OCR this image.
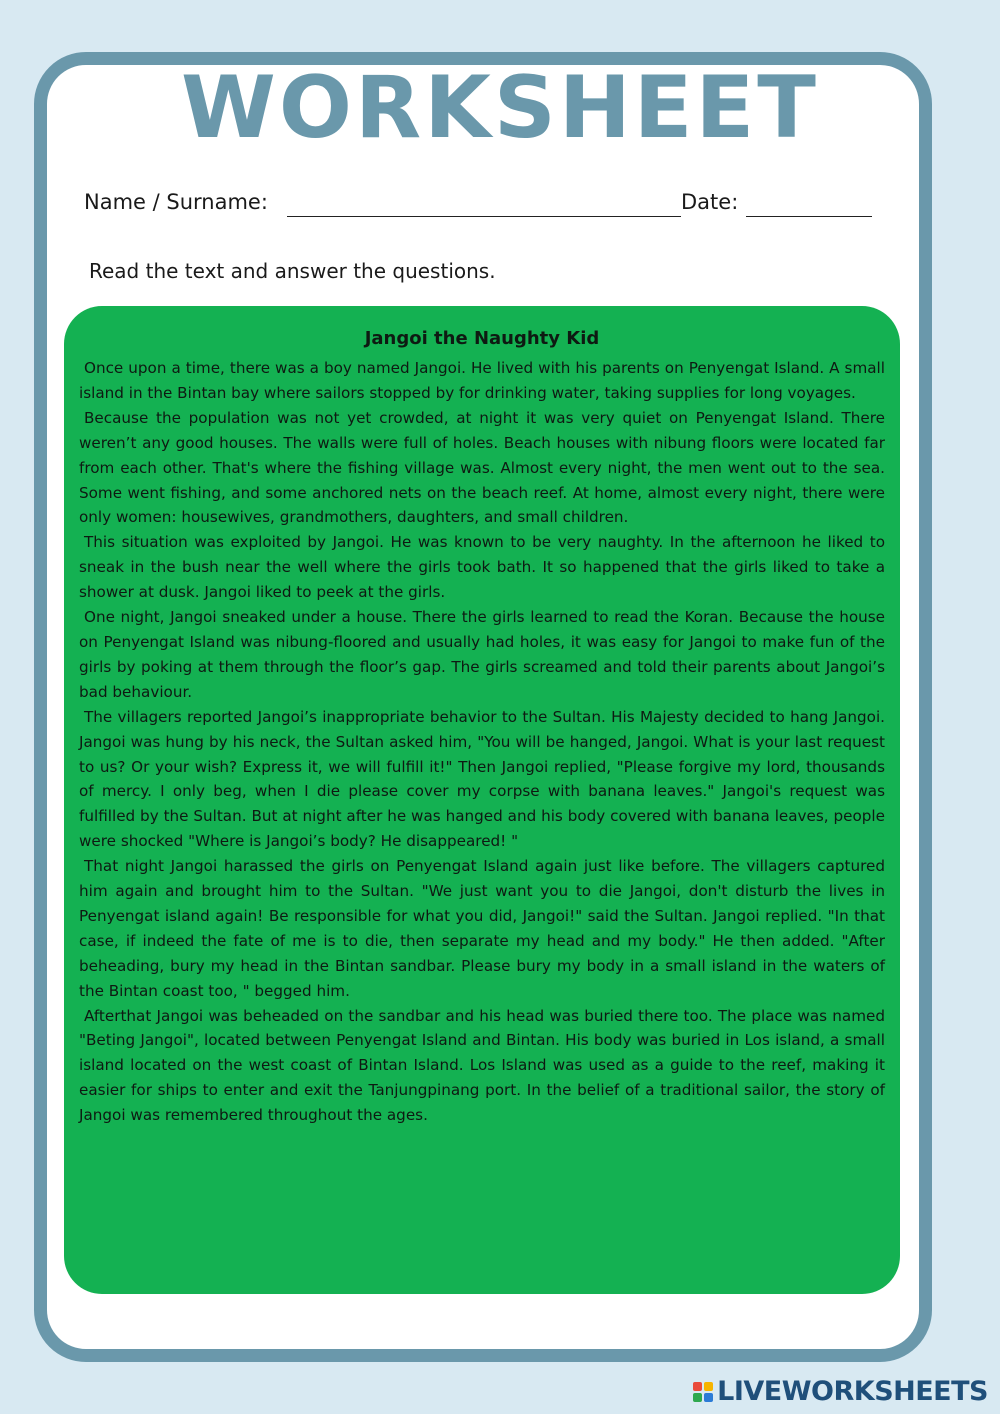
WORKSHEET
Name / Surname:	Date:
Read the text and answer the questions.
Jangoi the Naughty Kid

Once upon a time, there was a boy named Jangoi. He lived with his parents on Penyengat Island. A small island in the Bintan bay where sailors stopped by for drinking water, taking supplies for long voyages.

Because the population was not yet crowded, at night it was very quiet on Penyengat Island. There weren’t any good houses. The walls were full of holes. Beach houses with nibung floors were located far from each other. That's where the fishing village was. Almost every night, the men went out to the sea. Some went fishing, and some anchored nets on the beach reef. At home, almost every night, there were only women: housewives, grandmothers, daughters, and small children.

This situation was exploited by Jangoi. He was known to be very naughty. In the afternoon he liked to sneak in the bush near the well where the girls took bath. It so happened that the girls liked to take a shower at dusk. Jangoi liked to peek at the girls.

One night, Jangoi sneaked under a house. There the girls learned to read the Koran. Because the house on Penyengat Island was nibung-floored and usually had holes, it was easy for Jangoi to make fun of the girls by poking at them through the floor’s gap. The girls screamed and told their parents about Jangoi’s bad behaviour.

The villagers reported Jangoi’s inappropriate behavior to the Sultan. His Majesty decided to hang Jangoi. Jangoi was hung by his neck, the Sultan asked him, "You will be hanged, Jangoi. What is your last request to us? Or your wish? Express it, we will fulfill it!" Then Jangoi replied, "Please forgive my lord, thousands of mercy. I only beg, when I die please cover my corpse with banana leaves." Jangoi's request was fulfilled by the Sultan. But at night after he was hanged and his body covered with banana leaves, people were shocked "Where is Jangoi’s body? He disappeared! "

That night Jangoi harassed the girls on Penyengat Island again just like before. The villagers captured him again and brought him to the Sultan. "We just want you to die Jangoi, don't disturb the lives in Penyengat island again! Be responsible for what you did, Jangoi!" said the Sultan. Jangoi replied. "In that case, if indeed the fate of me is to die, then separate my head and my body." He then added. "After beheading, bury my head in the Bintan sandbar. Please bury my body in a small island in the waters of the Bintan coast too, " begged him.

Afterthat Jangoi was beheaded on the sandbar and his head was buried there too. The place was named "Beting Jangoi", located between Penyengat Island and Bintan. His body was buried in Los island, a small island located on the west coast of Bintan Island. Los Island was used as a guide to the reef, making it easier for ships to enter and exit the Tanjungpinang port. In the belief of a traditional sailor, the story of Jangoi was remembered throughout the ages.

LIVEWORKSHEETS
